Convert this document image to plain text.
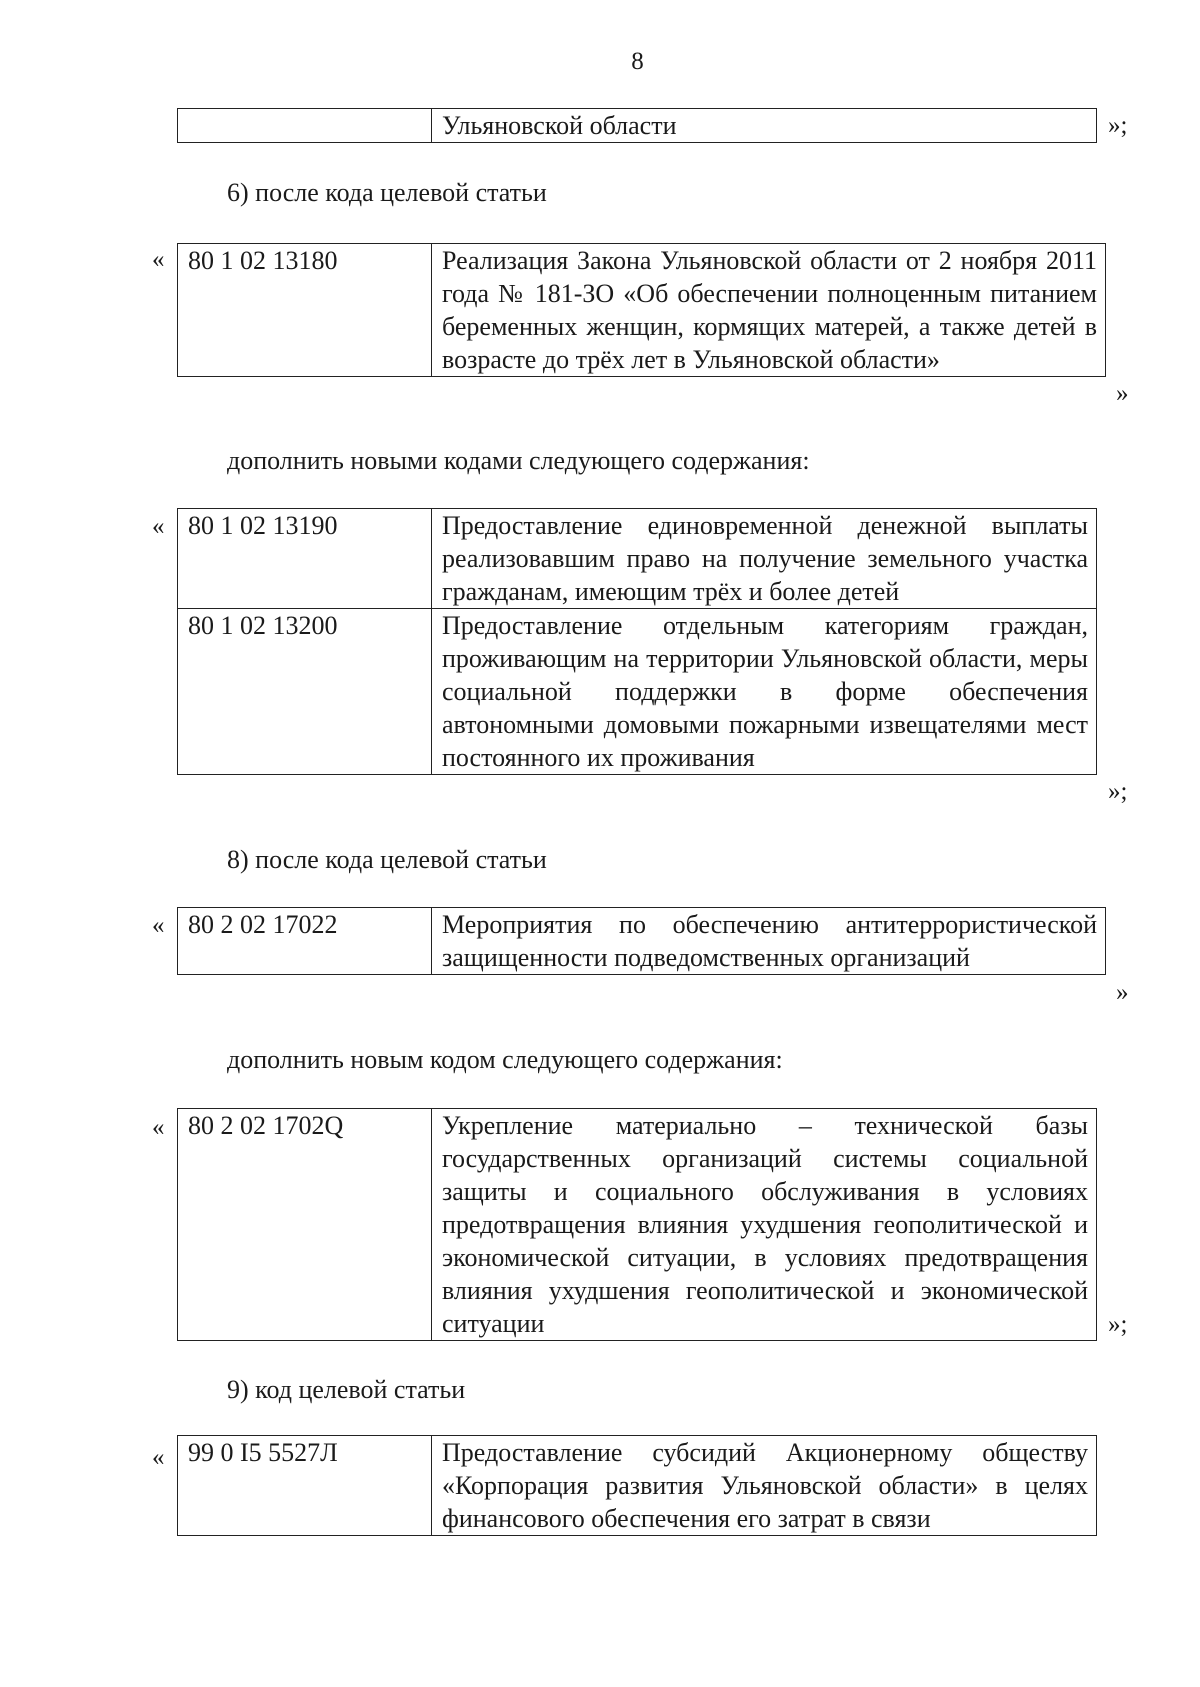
8
	Ульяновской области	»;
6) после кода целевой статьи
« 80 1 02 13180	Реализация Закона Ульяновской области от 2 ноября 2011 года № 181-ЗО «Об обеспечении полноценным питанием беременных женщин, кормящих матерей, а также детей в возрасте до трёх лет в Ульяновской области»
»
дополнить новыми кодами следующего содержания:
« 80 1 02 13190	Предоставление единовременной денежной выплаты реализовавшим право на получение земельного участка гражданам, имеющим трёх и более детей
80 1 02 13200	Предоставление отдельным категориям граждан, проживающим на территории Ульяновской области, меры социальной поддержки в форме обеспечения автономными домовыми пожарными извещателями мест постоянного их проживания
»;
8) после кода целевой статьи
« 80 2 02 17022	Мероприятия по обеспечению антитеррористической защищенности подведомственных организаций
»
дополнить новым кодом следующего содержания:
« 80 2 02 1702Q	Укрепление материально – технической базы государственных организаций системы социальной защиты и социального обслуживания в условиях предотвращения влияния ухудшения геополитической и экономической ситуации, в условиях предотвращения влияния ухудшения геополитической и экономической ситуации	»;
9) код целевой статьи
« 99 0 I5 5527Л	Предоставление субсидий Акционерному обществу «Корпорация развития Ульяновской области» в целях финансового обеспечения его затрат в связи
